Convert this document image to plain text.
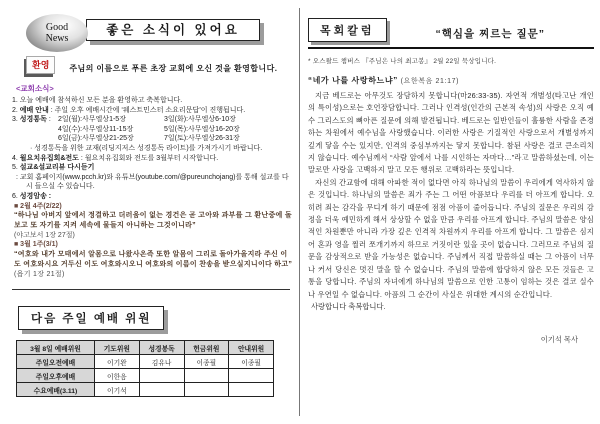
Good
News
좋은 소식이 있어요
환영	주님의 이름으로 푸른 초장 교회에 오신 것을 환영합니다.
<교회소식>
1. 오늘 예배에 참석하신 모든 분을 환영하고 축복합니다.
2. 예배 안내 : 주일 오후 예배시간에 ‘웨스트민스터 소요리문답’이 진행됩니다.
3. 성경통독 : 2일(월):사무엘상1-5장	3일(화):사무엘상6-10장
4일(수):사무엘상11-15장	5일(목):사무엘상16-20장
6일(금):사무엘상21-25장	7일(토):사무엘상26-31장
· 성경통독을 위한 교재(리딩지저스 성경통독 라이트)를 가져가시기 바랍니다.
4. 월요치유집회&전도 : 월요치유집회와 전도를 3월부터 시작합니다.
5. 설교&설교리뷰 다시듣기
: 교회 홈페이지(www.pcch.kr)와 유튜브(youtube.com/@pureunchojang)를 통해 설교를 다시 들으실 수 있습니다.
6. 성경암송 :
■ 2월 4주(2/22)
“하나님 아버지 앞에서 정결하고 더러움이 없는 경건은 곧 고아와 과부를 그 환난중에 돌보고 또 자기를 지켜 세속에 물들지 아니하는 그것이니라”
(야고보서 1장 27절)
■ 3월 1주(3/1)
“여호와 내가 모태에서 알몸으로 나왔사온즉 또한 알몸이 그리로 돌아가올지라 주신 이도 여호와시요 거두신 이도 여호와시오니 여호와의 이름이 찬송을 받으실지니이다 하고” (욥기 1장 21절)
다음 주일 예배 위원
3월 8일 예배위원	기도위원	성경봉독	헌금위원	안내위원
주일오전예배	이기완	김유나	이종필	이종필
주일오후예배	이한음			
수요예배(3.11)	이기석			
목회칼럼	“핵심을 찌르는 질문”
* 오스왈드 챔버스 『주님은 나의 최고봉』 2월 22일 묵상입니다.
“네가 나를 사랑하느냐” (요한복음 21:17)

지금 베드로는 아무것도 장담하지 못합니다(마26:33-35). 자연적 개별성(타고난 개인의 특이성)으로는 호언장담합니다. 그러나 인격성(인간의 근본적 속성)의 사랑은 오직 예수 그리스도의 뼈아픈 질문에 의해 발견됩니다. 베드로는 일반인들이 훌륭한 사람을 존경하는 차원에서 예수님을 사랑했습니다. 이러한 사랑은 기질적인 사랑으로서 개별성까지 깊게 닿을 수는 있지만, 인격의 중심부까지는 닿지 못합니다. 참된 사랑은 결코 큰소리치지 않습니다. 예수님께서 “사람 앞에서 나를 시인하는 자마다…”라고 말씀하셨는데, 이는 말로만 사랑을 고백하지 말고 모든 행위로 고백하라는 뜻입니다.

자신의 간교함에 대해 아파한 적이 없다면 아직 하나님의 말씀이 우리에게 역사하지 않은 것입니다. 하나님의 말씀은 죄가 주는 그 어떤 아픔보다 우리를 더 아프게 합니다. 오히려 죄는 감각을 무디게 하기 때문에 점점 아픔이 줄어듭니다. 주님의 질문은 우리의 감정을 더욱 예민하게 해서 상상할 수 없을 만큼 우리를 아프게 합니다. 주님의 말씀은 양심적인 차원뿐만 아니라 가장 깊은 인격적 차원까지 우리를 아프게 합니다. 그 말씀은 심지어 혼과 영을 찔러 쪼개기까지 하므로 거짓이란 있을 곳이 없습니다. 그러므로 주님의 질문을 감상적으로 받을 가능성은 없습니다. 주님께서 직접 말씀하실 때는 그 아픔이 너무나 커서 당신은 멋진 말을 할 수 없습니다. 주님의 말씀에 합당하지 않은 모든 것들은 고통을 당합니다. 주님의 자녀에게 하나님의 말씀으로 인한 고통이 임하는 것은 결코 실수나 우연일 수 없습니다. 아픔의 그 순간이 사실은 위대한 계시의 순간입니다.

사랑합니다 축복합니다.
이기석 목사
